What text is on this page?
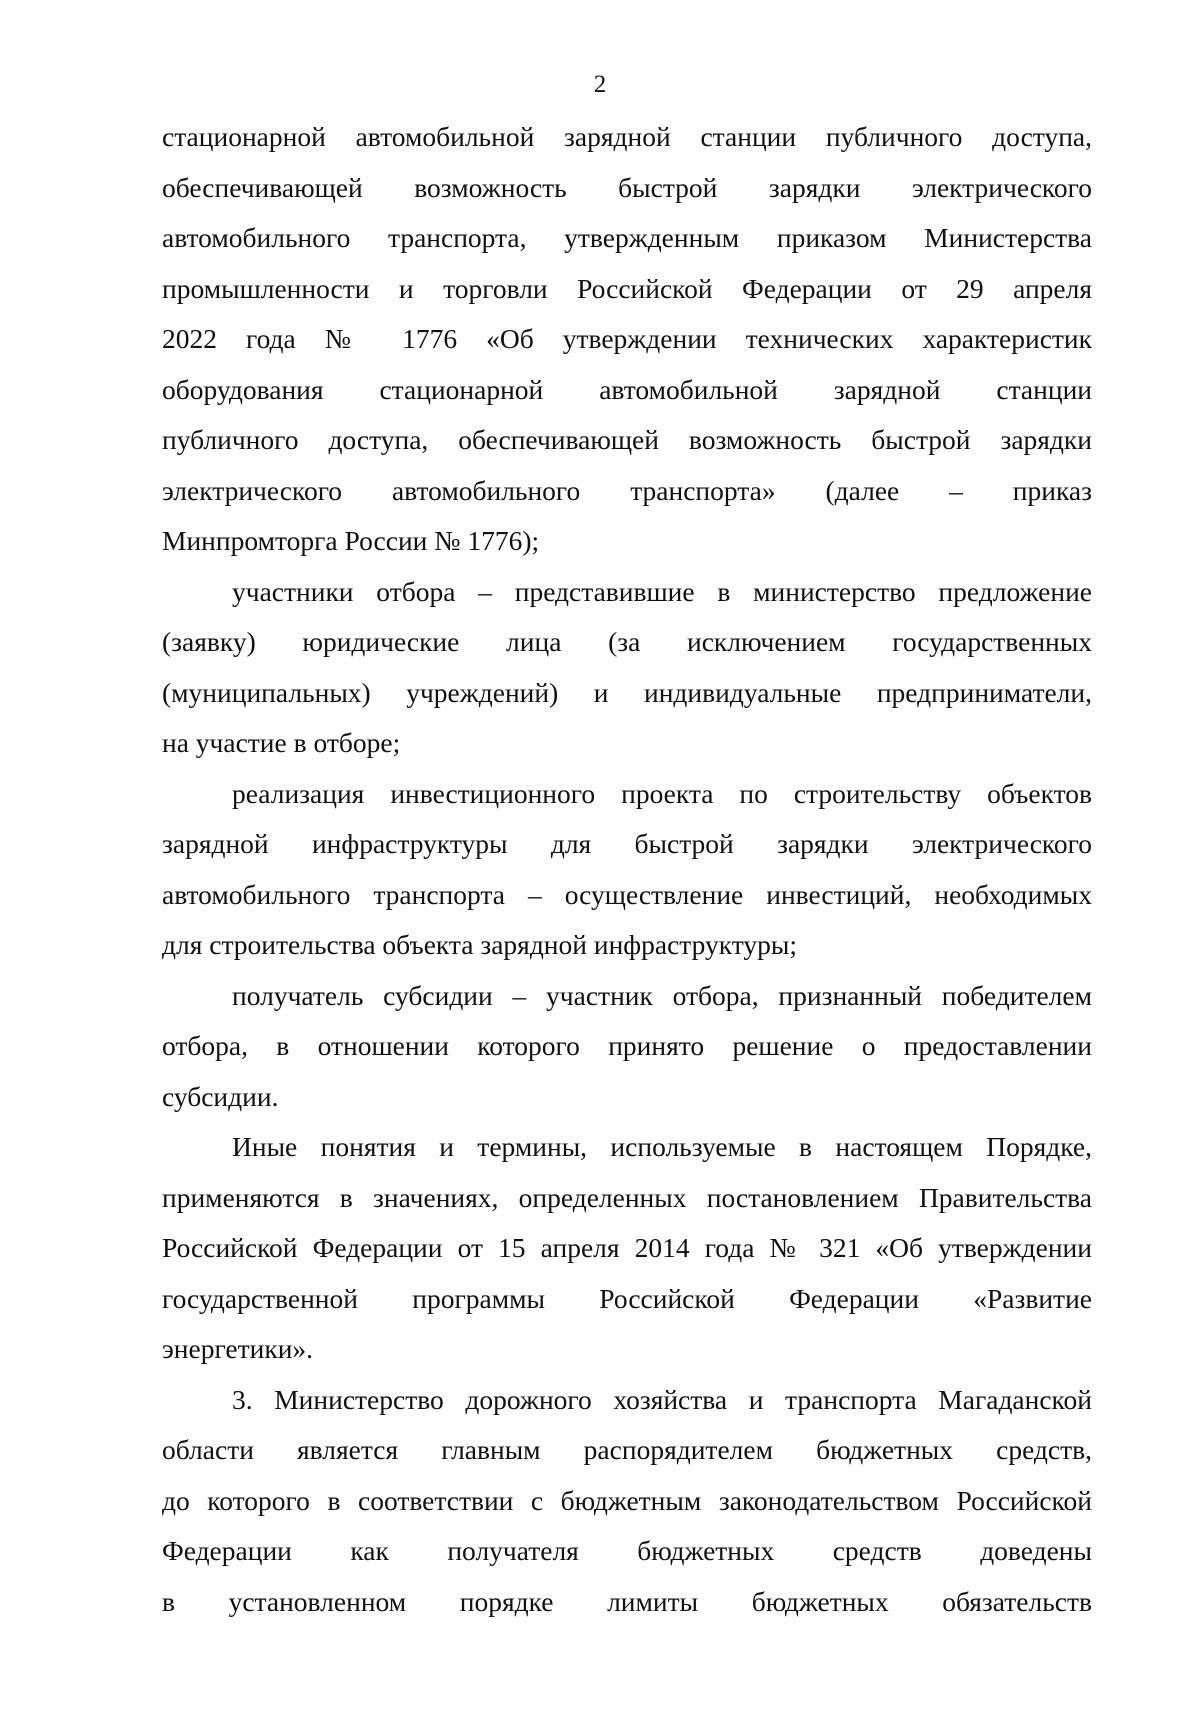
2
стационарной автомобильной зарядной станции публичного доступа,
обеспечивающей возможность быстрой зарядки электрического
автомобильного транспорта, утвержденным приказом Министерства
промышленности и торговли Российской Федерации от 29 апреля
2022 года № 1776 «Об утверждении технических характеристик
оборудования стационарной автомобильной зарядной станции
публичного доступа, обеспечивающей возможность быстрой зарядки
электрического автомобильного транспорта» (далее – приказ
Минпромторга России № 1776);
участники отбора – представившие в министерство предложение
(заявку) юридические лица (за исключением государственных
(муниципальных) учреждений) и индивидуальные предприниматели,
на участие в отборе;
реализация инвестиционного проекта по строительству объектов
зарядной инфраструктуры для быстрой зарядки электрического
автомобильного транспорта – осуществление инвестиций, необходимых
для строительства объекта зарядной инфраструктуры;
получатель субсидии – участник отбора, признанный победителем
отбора, в отношении которого принято решение о предоставлении
субсидии.
Иные понятия и термины, используемые в настоящем Порядке,
применяются в значениях, определенных постановлением Правительства
Российской Федерации от 15 апреля 2014 года № 321 «Об утверждении
государственной программы Российской Федерации «Развитие
энергетики».
3. Министерство дорожного хозяйства и транспорта Магаданской
области является главным распорядителем бюджетных средств,
до которого в соответствии с бюджетным законодательством Российской
Федерации как получателя бюджетных средств доведены
в установленном порядке лимиты бюджетных обязательств
